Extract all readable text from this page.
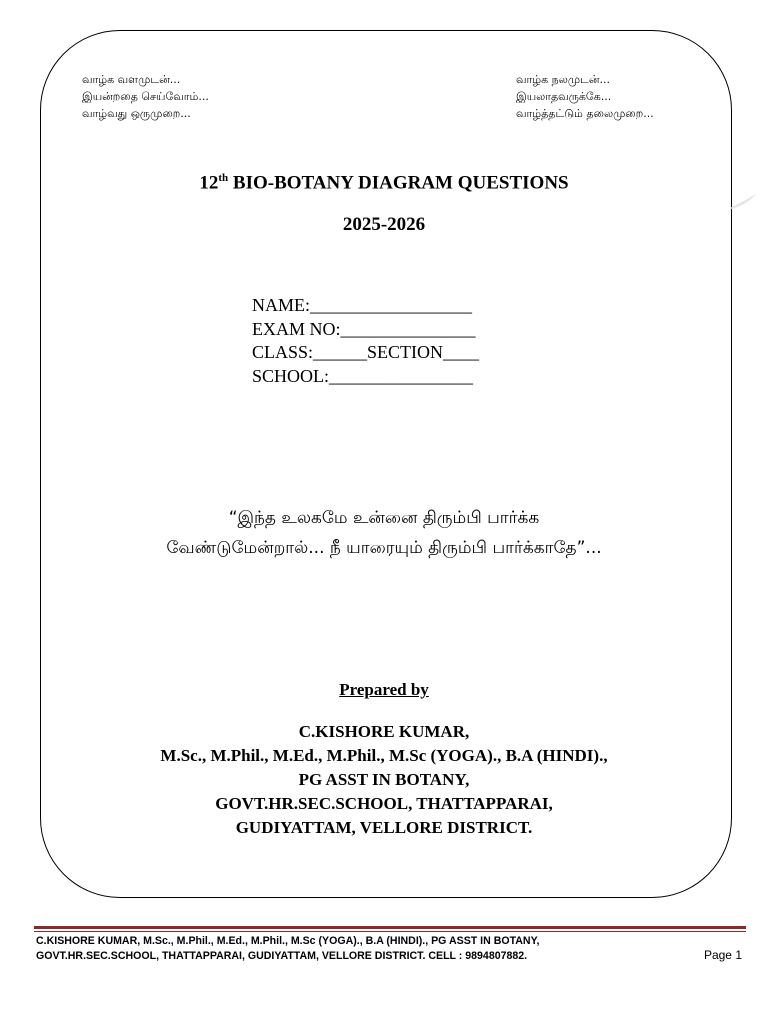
வாழ்க வளமுடன்...
இயன்றதை செய்வோம்...
வாழ்வது ஒருமுறை...
வாழ்க நலமுடன்...
இயலாதவருக்கே...
வாழ்த்தட்டும் தலைமுறை...
12th BIO-BOTANY DIAGRAM QUESTIONS
2025-2026
NAME:__________________
EXAM NO:_______________
CLASS:______SECTION____
SCHOOL:________________
“இந்த உலகமே உன்னை திரும்பி பார்க்க
வேண்டுமேன்றால்... நீ யாரையும் திரும்பி பார்க்காதே”...
Prepared by
C.KISHORE KUMAR,
M.Sc., M.Phil., M.Ed., M.Phil., M.Sc (YOGA)., B.A (HINDI).,
PG ASST IN BOTANY,
GOVT.HR.SEC.SCHOOL, THATTAPPARAI,
GUDIYATTAM, VELLORE DISTRICT.
C.KISHORE KUMAR, M.Sc., M.Phil., M.Ed., M.Phil., M.Sc (YOGA)., B.A (HINDI)., PG ASST IN BOTANY,
GOVT.HR.SEC.SCHOOL, THATTAPPARAI, GUDIYATTAM, VELLORE DISTRICT. CELL : 9894807882.	Page 1
